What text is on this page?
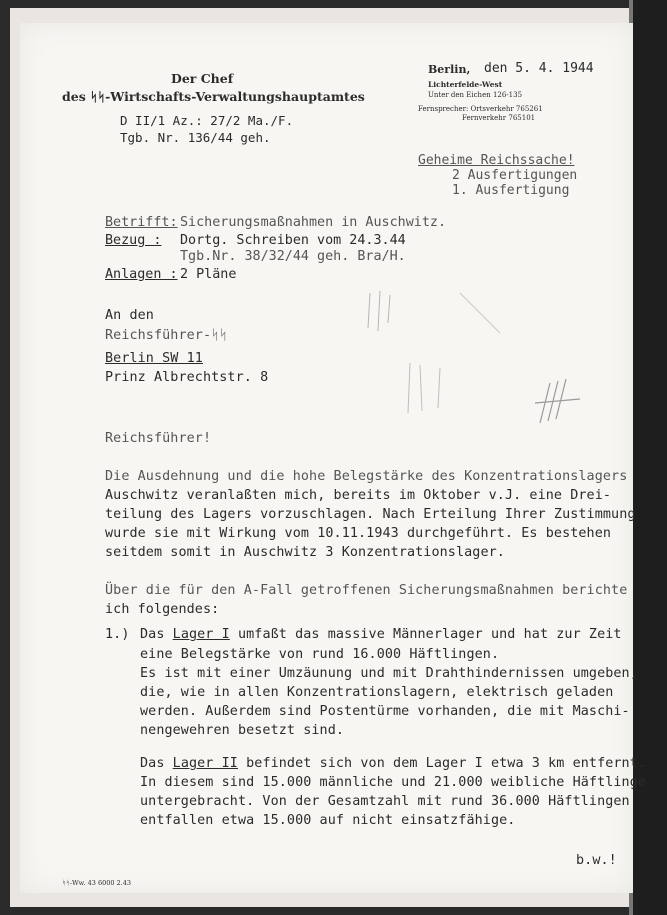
Der Chef
des ᛋᛋ-Wirtschafts-Verwaltungshauptamtes
D II/1 Az.: 27/2 Ma./F.
Tgb. Nr. 136/44 geh.
Berlin, den 5. 4. 1944
Lichterfelde-West
Unter den Eichen 126-135
Fernsprecher: Ortsverkehr 765261
Fernverkehr 765101
Geheime Reichssache!
2 Ausfertigungen
1. Ausfertigung
Betrifft: Sicherungsmaßnahmen in Auschwitz.
Bezug : Dortg. Schreiben vom 24.3.44
Tgb.Nr. 38/32/44 geh. Bra/H.
Anlagen : 2 Pläne
An den
Reichsführer-ᛋᛋ
Berlin SW 11
Prinz Albrechtstr. 8
Reichsführer!
Die Ausdehnung und die hohe Belegstärke des Konzentrationslagers
Auschwitz veranlaßten mich, bereits im Oktober v.J. eine Drei-
teilung des Lagers vorzuschlagen. Nach Erteilung Ihrer Zustimmung
wurde sie mit Wirkung vom 10.11.1943 durchgeführt. Es bestehen
seitdem somit in Auschwitz 3 Konzentrationslager.
Über die für den A-Fall getroffenen Sicherungsmaßnahmen berichte
ich folgendes:
1.) Das Lager I umfaßt das massive Männerlager und hat zur Zeit
eine Belegstärke von rund 16.000 Häftlingen.
Es ist mit einer Umzäunung und mit Drahthindernissen umgeben,
die, wie in allen Konzentrationslagern, elektrisch geladen
werden. Außerdem sind Postentürme vorhanden, die mit Maschi-
nengewehren besetzt sind.
Das Lager II befindet sich von dem Lager I etwa 3 km entfernt.
In diesem sind 15.000 männliche und 21.000 weibliche Häftlinge
untergebracht. Von der Gesamtzahl mit rund 36.000 Häftlingen
entfallen etwa 15.000 auf nicht einsatzfähige.
b.w.!
ᛋᛋ-Ww. 43 6000 2.43
